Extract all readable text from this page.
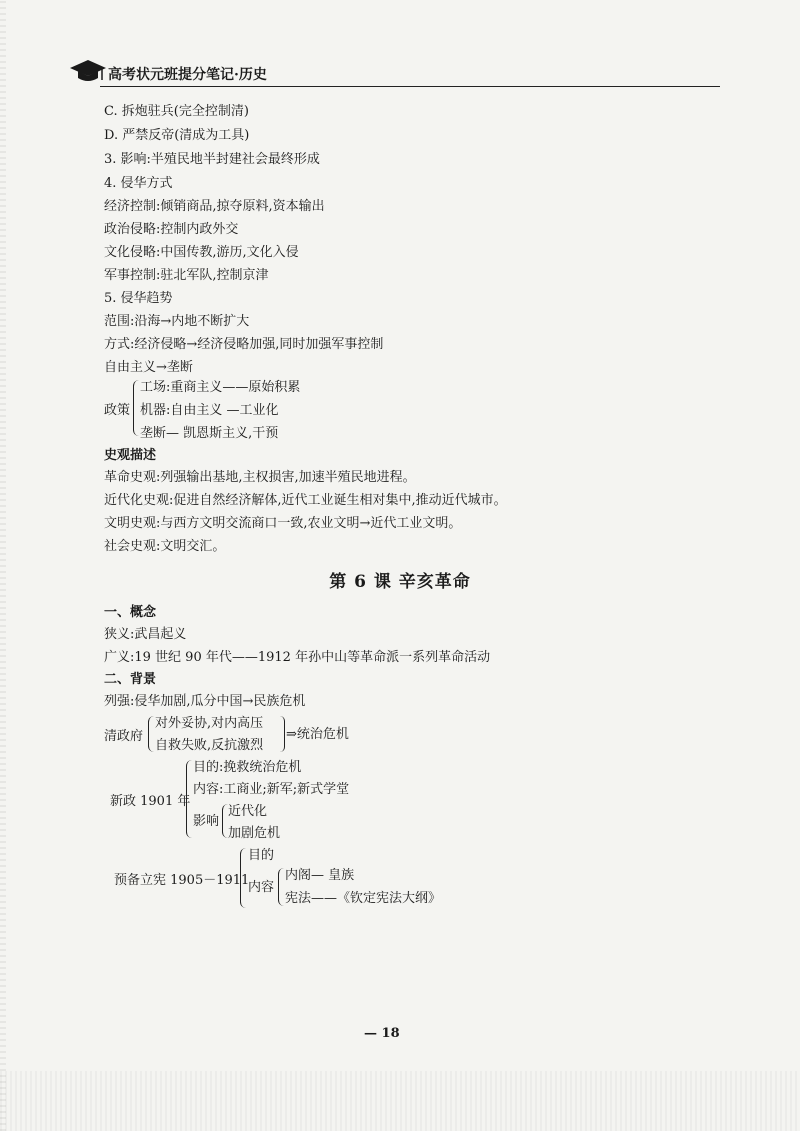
高考状元班提分笔记·历史
C. 拆炮驻兵(完全控制清)
D. 严禁反帝(清成为工具)
3. 影响:半殖民地半封建社会最终形成
4. 侵华方式
经济控制:倾销商品,掠夺原料,资本输出
政治侵略:控制内政外交
文化侵略:中国传教,游历,文化入侵
军事控制:驻北军队,控制京津
5. 侵华趋势
范围:沿海→内地不断扩大
方式:经济侵略→经济侵略加强,同时加强军事控制
自由主义→垄断
政策
工场:重商主义——原始积累
机器:自由主义 —工业化
垄断— 凯恩斯主义,干预
史观描述
革命史观:列强输出基地,主权损害,加速半殖民地进程。
近代化史观:促进自然经济解体,近代工业诞生相对集中,推动近代城市。
文明史观:与西方文明交流商口一致,农业文明→近代工业文明。
社会史观:文明交汇。
第 6 课 辛亥革命
一、概念
狭义:武昌起义
广义:19 世纪 90 年代——1912 年孙中山等革命派一系列革命活动
二、背景
列强:侵华加剧,瓜分中国→民族危机
清政府
对外妥协,对内高压
自救失败,反抗激烈
⇒统治危机
新政 1901 年
目的:挽救统治危机
内容:工商业;新军;新式学堂
影响
近代化
加剧危机
预备立宪 1905－1911
目的
内容
内阁— 皇族
宪法——《钦定宪法大纲》
— 18
